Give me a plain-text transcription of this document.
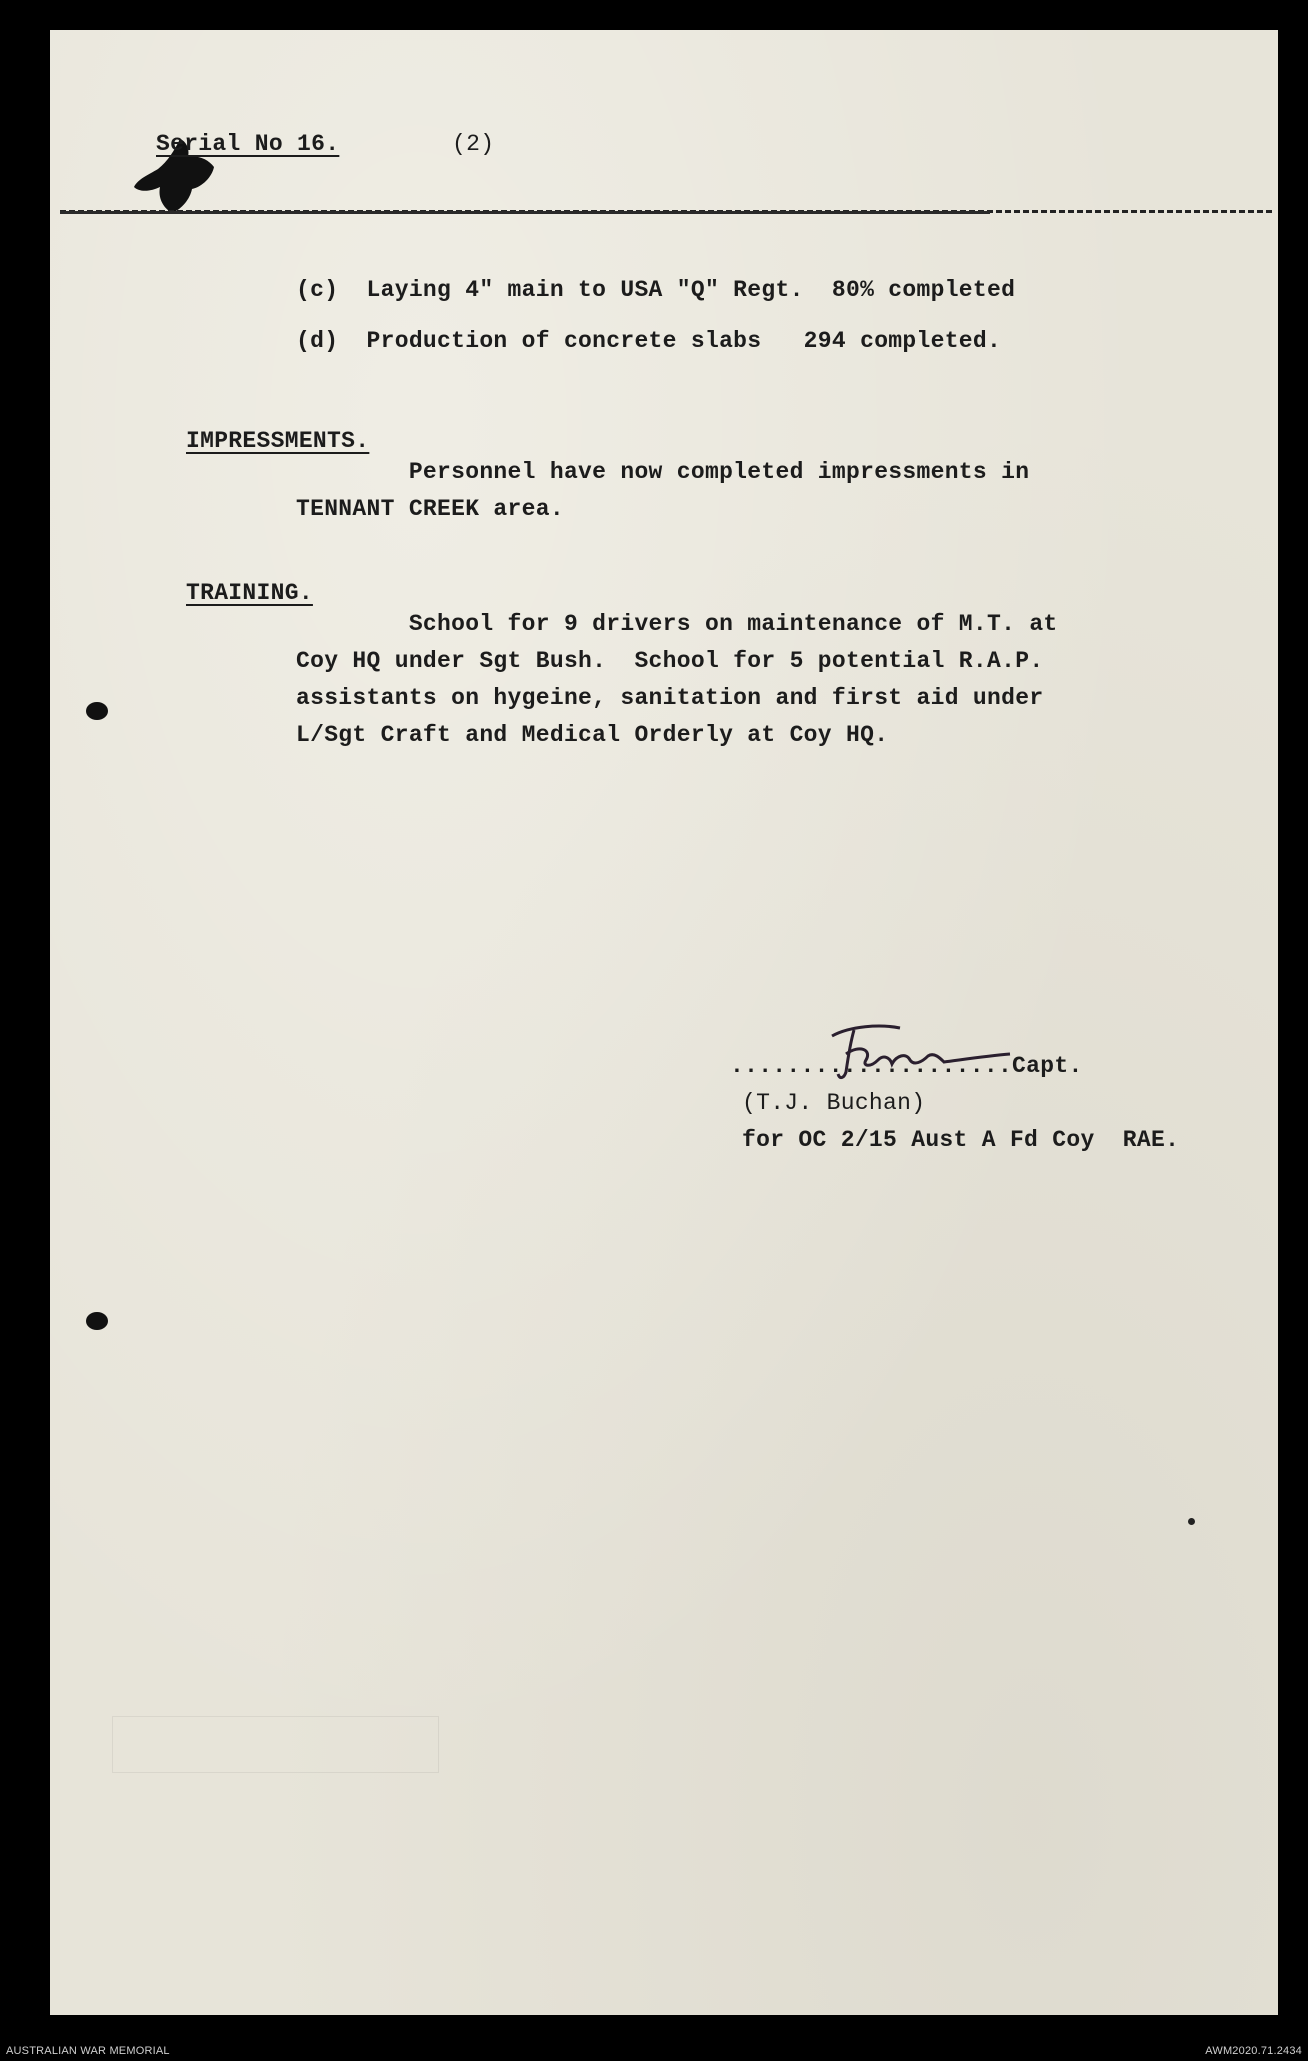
Serial No 16.	(2)
(c)  Laying 4" main to USA "Q" Regt.  80% completed
(d)  Production of concrete slabs   294 completed.
IMPRESSMENTS.
Personnel have now completed impressments in
TENNANT CREEK area.
TRAINING.
School for 9 drivers on maintenance of M.T. at
Coy HQ under Sgt Bush.  School for 5 potential R.A.P.
assistants on hygeine, sanitation and first aid under
L/Sgt Craft and Medical Orderly at Coy HQ.
....................Capt.
(T.J. Buchan)
for OC 2/15 Aust A Fd Coy  RAE.
AUSTRALIAN WAR MEMORIAL	AWM2020.71.2434
